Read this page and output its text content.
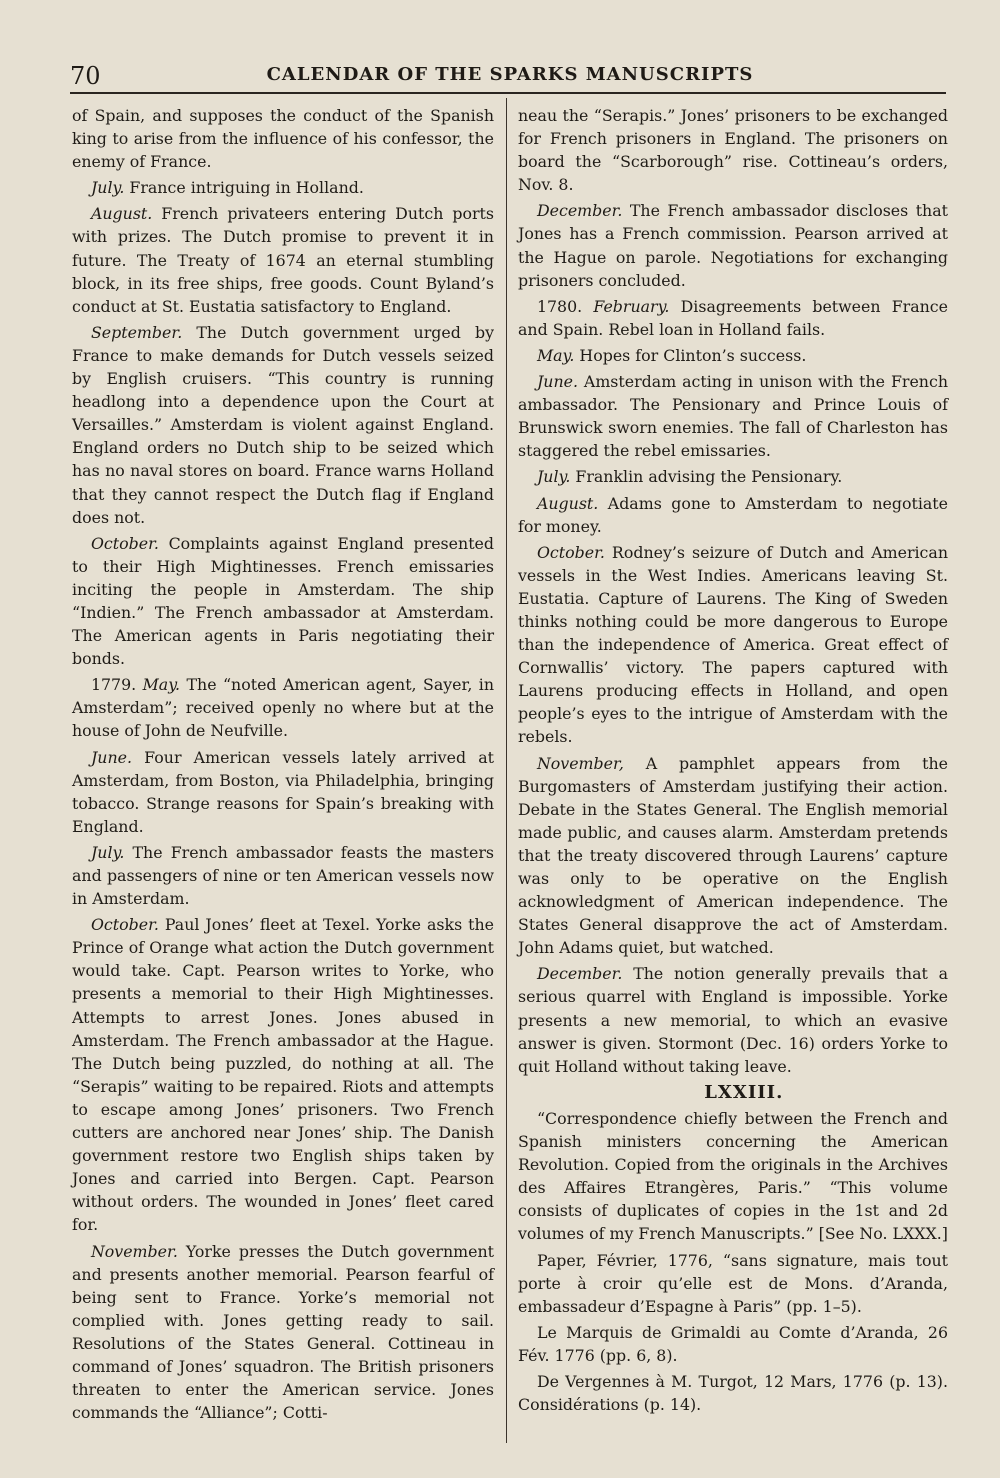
70	CALENDAR OF THE SPARKS MANUSCRIPTS

of Spain, and supposes the conduct of the Spanish king to arise from the influence of his confessor, the enemy of France.

July. France intriguing in Holland.

August. French privateers entering Dutch ports with prizes. The Dutch promise to prevent it in future. The Treaty of 1674 an eternal stumbling block, in its free ships, free goods. Count Byland’s conduct at St. Eustatia satisfactory to England.

September. The Dutch government urged by France to make demands for Dutch vessels seized by English cruisers. “This country is running headlong into a dependence upon the Court at Versailles.” Amsterdam is violent against England. England orders no Dutch ship to be seized which has no naval stores on board. France warns Holland that they cannot respect the Dutch flag if England does not.

October. Complaints against England presented to their High Mightinesses. French emissaries inciting the people in Amsterdam. The ship “Indien.” The French ambassador at Amsterdam. The American agents in Paris negotiating their bonds.

1779. May. The “noted American agent, Sayer, in Amsterdam”; received openly no where but at the house of John de Neufville.

June. Four American vessels lately arrived at Amsterdam, from Boston, via Philadelphia, bringing tobacco. Strange reasons for Spain’s breaking with England.

July. The French ambassador feasts the masters and passengers of nine or ten American vessels now in Amsterdam.

October. Paul Jones’ fleet at Texel. Yorke asks the Prince of Orange what action the Dutch government would take. Capt. Pearson writes to Yorke, who presents a memorial to their High Mightinesses. Attempts to arrest Jones. Jones abused in Amsterdam. The French ambassador at the Hague. The Dutch being puzzled, do nothing at all. The “Serapis” waiting to be repaired. Riots and attempts to escape among Jones’ prisoners. Two French cutters are anchored near Jones’ ship. The Danish government restore two English ships taken by Jones and carried into Bergen. Capt. Pearson without orders. The wounded in Jones’ fleet cared for.

November. Yorke presses the Dutch government and presents another memorial. Pearson fearful of being sent to France. Yorke’s memorial not complied with. Jones getting ready to sail. Resolutions of the States General. Cottineau in command of Jones’ squadron. The British prisoners threaten to enter the American service. Jones commands the “Alliance”; Cotti-

neau the “Serapis.” Jones’ prisoners to be exchanged for French prisoners in England. The prisoners on board the “Scarborough” rise. Cottineau’s orders, Nov. 8.

December. The French ambassador discloses that Jones has a French commission. Pearson arrived at the Hague on parole. Negotiations for exchanging prisoners concluded.

1780. February. Disagreements between France and Spain. Rebel loan in Holland fails.

May. Hopes for Clinton’s success.

June. Amsterdam acting in unison with the French ambassador. The Pensionary and Prince Louis of Brunswick sworn enemies. The fall of Charleston has staggered the rebel emissaries.

July. Franklin advising the Pensionary.

August. Adams gone to Amsterdam to negotiate for money.

October. Rodney’s seizure of Dutch and American vessels in the West Indies. Americans leaving St. Eustatia. Capture of Laurens. The King of Sweden thinks nothing could be more dangerous to Europe than the independence of America. Great effect of Cornwallis’ victory. The papers captured with Laurens producing effects in Holland, and open people’s eyes to the intrigue of Amsterdam with the rebels.

November, A pamphlet appears from the Burgomasters of Amsterdam justifying their action. Debate in the States General. The English memorial made public, and causes alarm. Amsterdam pretends that the treaty discovered through Laurens’ capture was only to be operative on the English acknowledgment of American independence. The States General disapprove the act of Amsterdam. John Adams quiet, but watched.

December. The notion generally prevails that a serious quarrel with England is impossible. Yorke presents a new memorial, to which an evasive answer is given. Stormont (Dec. 16) orders Yorke to quit Holland without taking leave.

LXXIII.

“Correspondence chiefly between the French and Spanish ministers concerning the American Revolution. Copied from the originals in the Archives des Affaires Etrangères, Paris.” “This volume consists of duplicates of copies in the 1st and 2d volumes of my French Manuscripts.” [See No. LXXX.]

Paper, Février, 1776, “sans signature, mais tout porte à croir qu’elle est de Mons. d’Aranda, embassadeur d’Espagne à Paris” (pp. 1–5).

Le Marquis de Grimaldi au Comte d’Aranda, 26 Fév. 1776 (pp. 6, 8).

De Vergennes à M. Turgot, 12 Mars, 1776 (p. 13). Considérations (p. 14).
